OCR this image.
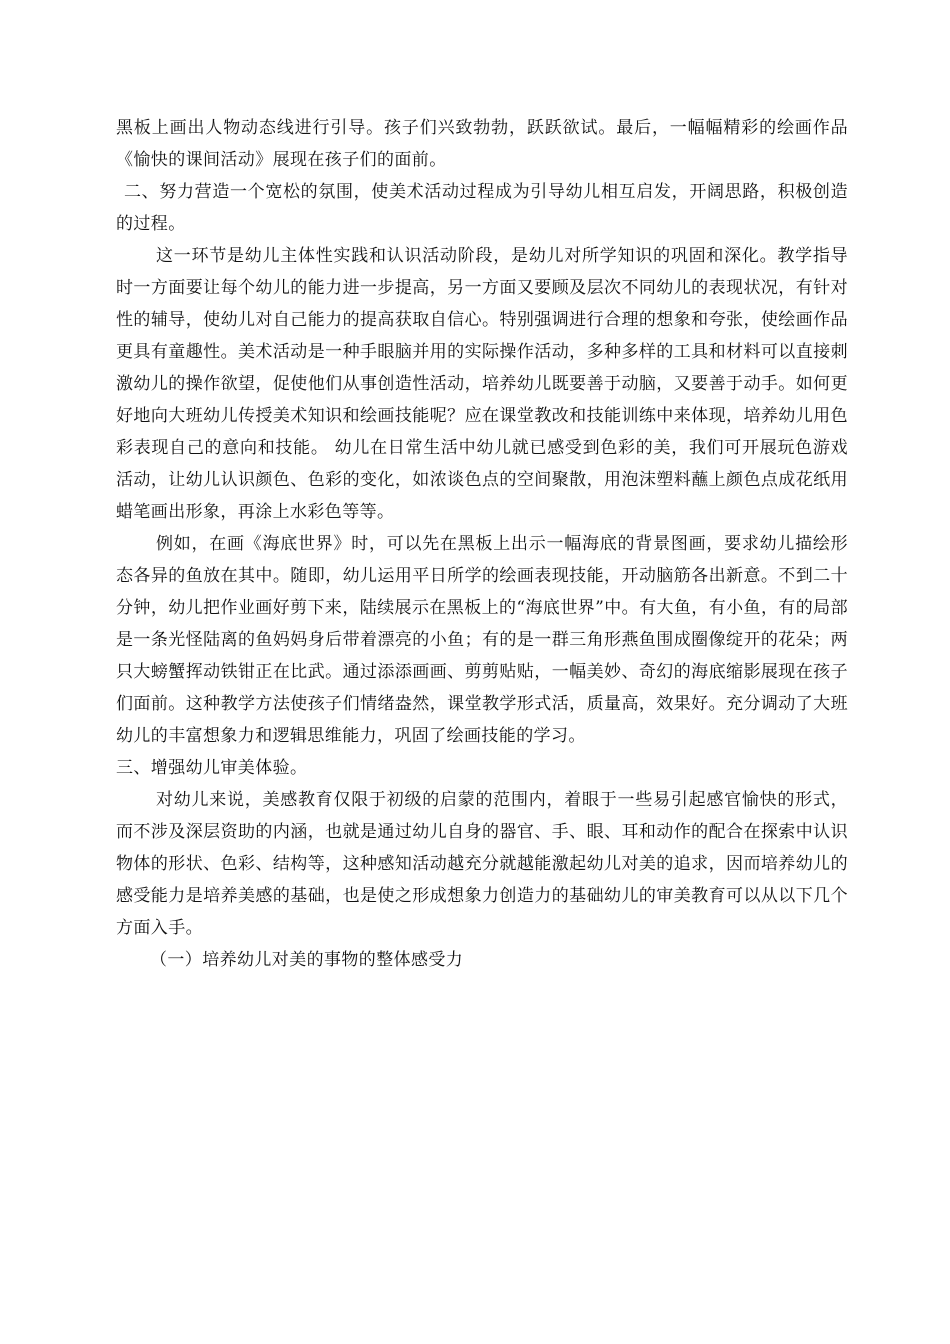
黑板上画出人物动态线进行引导。孩子们兴致勃勃，跃跃欲试。最后，一幅幅精彩的绘画作品《愉快的课间活动》展现在孩子们的面前。

二、努力营造一个宽松的氛围，使美术活动过程成为引导幼儿相互启发，开阔思路，积极创造的过程。

这一环节是幼儿主体性实践和认识活动阶段，是幼儿对所学知识的巩固和深化。教学指导时一方面要让每个幼儿的能力进一步提高，另一方面又要顾及层次不同幼儿的表现状况，有针对性的辅导，使幼儿对自己能力的提高获取自信心。特别强调进行合理的想象和夸张，使绘画作品更具有童趣性。美术活动是一种手眼脑并用的实际操作活动，多种多样的工具和材料可以直接刺激幼儿的操作欲望，促使他们从事创造性活动，培养幼儿既要善于动脑，又要善于动手。如何更好地向大班幼儿传授美术知识和绘画技能呢？应在课堂教改和技能训练中来体现，培养幼儿用色彩表现自己的意向和技能。 幼儿在日常生活中幼儿就已感受到色彩的美，我们可开展玩色游戏活动，让幼儿认识颜色、色彩的变化，如浓谈色点的空间聚散，用泡沫塑料蘸上颜色点成花纸用蜡笔画出形象，再涂上水彩色等等。

例如，在画《海底世界》时，可以先在黑板上出示一幅海底的背景图画，要求幼儿描绘形态各异的鱼放在其中。随即，幼儿运用平日所学的绘画表现技能，开动脑筋各出新意。不到二十分钟，幼儿把作业画好剪下来，陆续展示在黑板上的“海底世界”中。有大鱼，有小鱼，有的局部是一条光怪陆离的鱼妈妈身后带着漂亮的小鱼；有的是一群三角形燕鱼围成圈像绽开的花朵；两只大螃蟹挥动铁钳正在比武。通过添添画画、剪剪贴贴，一幅美妙、奇幻的海底缩影展现在孩子们面前。这种教学方法使孩子们情绪盎然，课堂教学形式活，质量高，效果好。充分调动了大班幼儿的丰富想象力和逻辑思维能力，巩固了绘画技能的学习。

三、增强幼儿审美体验。

对幼儿来说，美感教育仅限于初级的启蒙的范围内，着眼于一些易引起感官愉快的形式，而不涉及深层资助的内涵，也就是通过幼儿自身的器官、手、眼、耳和动作的配合在探索中认识物体的形状、色彩、结构等，这种感知活动越充分就越能激起幼儿对美的追求，因而培养幼儿的感受能力是培养美感的基础，也是使之形成想象力创造力的基础幼儿的审美教育可以从以下几个方面入手。

（一）培养幼儿对美的事物的整体感受力
